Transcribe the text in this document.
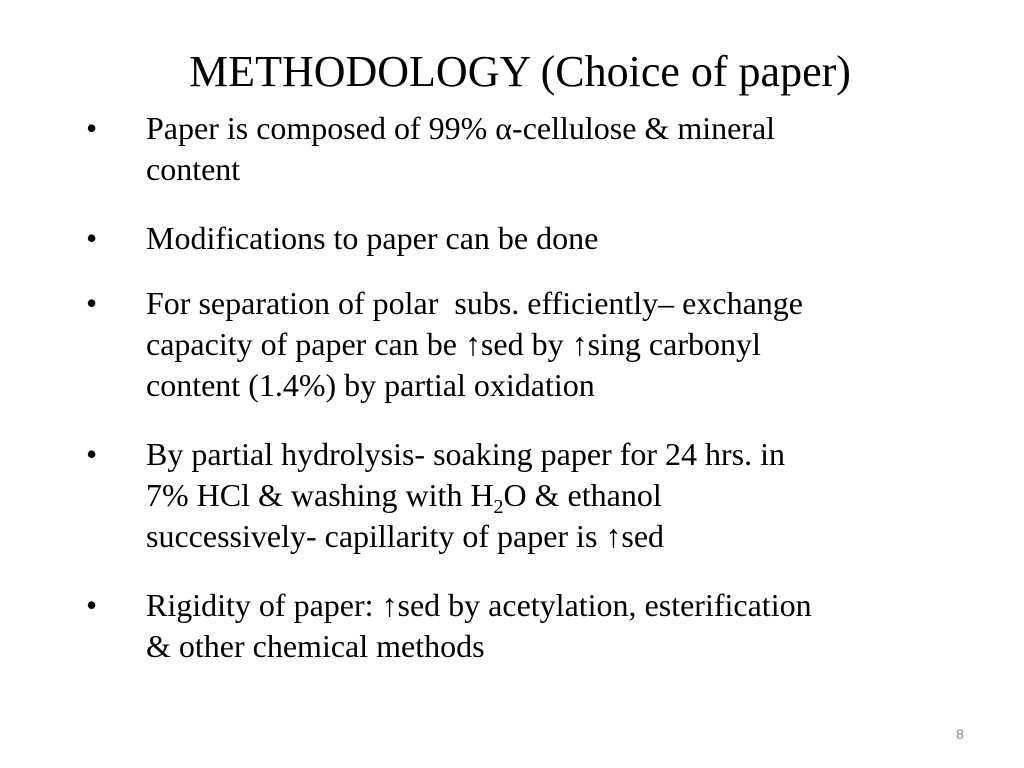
METHODOLOGY (Choice of paper)
• Paper is composed of 99% α-cellulose & mineral
content
• Modifications to paper can be done
• For separation of polar  subs. efficiently– exchange
capacity of paper can be ↑sed by ↑sing carbonyl
content (1.4%) by partial oxidation
• By partial hydrolysis- soaking paper for 24 hrs. in
7% HCl & washing with $H_2O$ & ethanol
successively- capillarity of paper is ↑sed
• Rigidity of paper: ↑sed by acetylation, esterification
& other chemical methods
8
